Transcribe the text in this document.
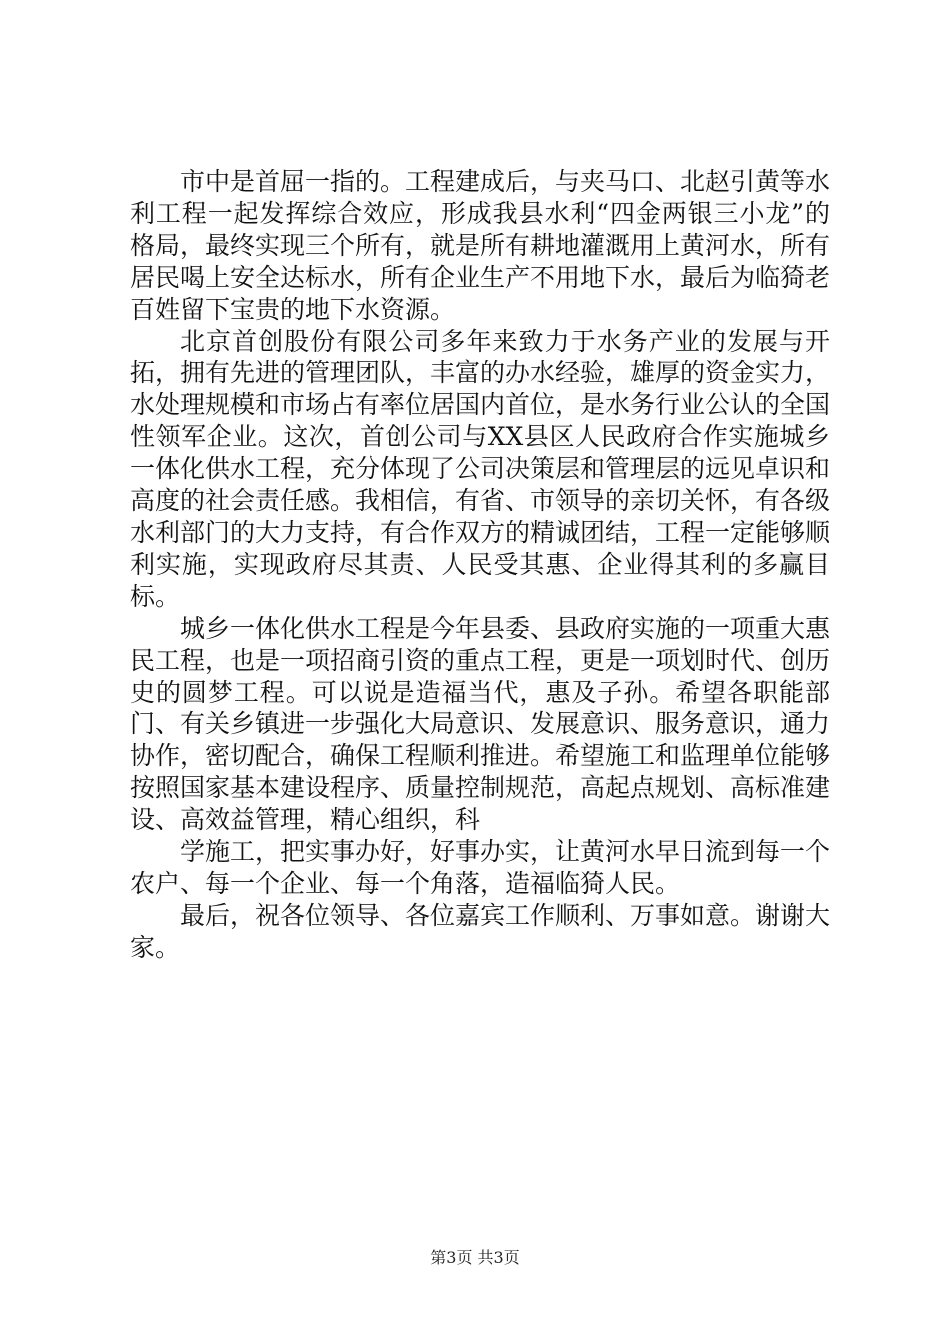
市中是首屈一指的。工程建成后，与夹马口、北赵引黄等水利工程一起发挥综合效应，形成我县水利“四金两银三小龙”的格局，最终实现三个所有，就是所有耕地灌溉用上黄河水，所有居民喝上安全达标水，所有企业生产不用地下水，最后为临猗老百姓留下宝贵的地下水资源。

北京首创股份有限公司多年来致力于水务产业的发展与开拓，拥有先进的管理团队，丰富的办水经验，雄厚的资金实力，水处理规模和市场占有率位居国内首位，是水务行业公认的全国性领军企业。这次，首创公司与XX县区人民政府合作实施城乡一体化供水工程，充分体现了公司决策层和管理层的远见卓识和高度的社会责任感。我相信，有省、市领导的亲切关怀，有各级水利部门的大力支持，有合作双方的精诚团结，工程一定能够顺利实施，实现政府尽其责、人民受其惠、企业得其利的多赢目标。

城乡一体化供水工程是今年县委、县政府实施的一项重大惠民工程，也是一项招商引资的重点工程，更是一项划时代、创历史的圆梦工程。可以说是造福当代，惠及子孙。希望各职能部门、有关乡镇进一步强化大局意识、发展意识、服务意识，通力协作，密切配合，确保工程顺利推进。希望施工和监理单位能够按照国家基本建设程序、质量控制规范，高起点规划、高标准建设、高效益管理，精心组织，科

学施工，把实事办好，好事办实，让黄河水早日流到每一个农户、每一个企业、每一个角落，造福临猗人民。

最后，祝各位领导、各位嘉宾工作顺利、万事如意。谢谢大家。

第3页 共3页
